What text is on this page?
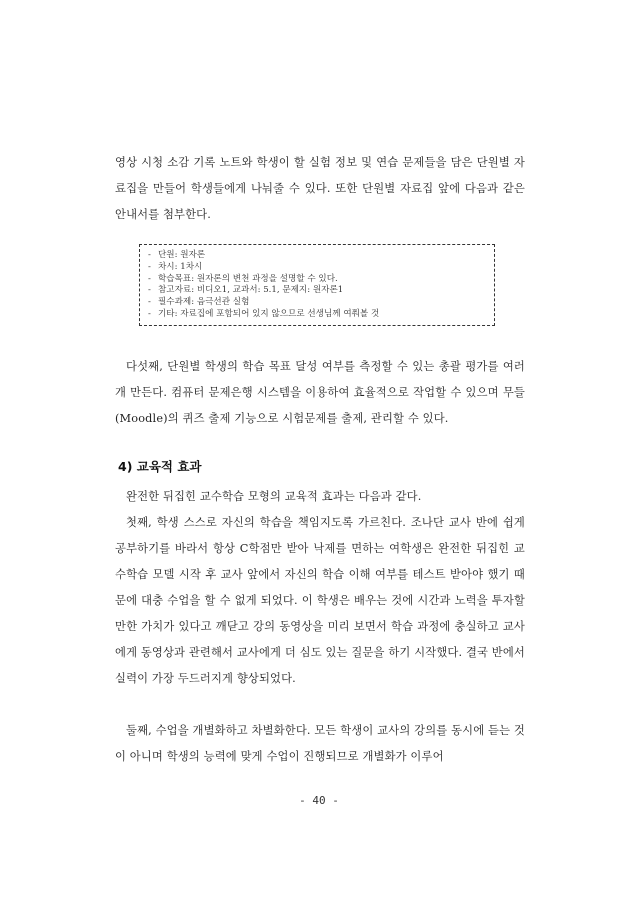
영상 시청 소감 기록 노트와 학생이 할 실험 정보 및 연습 문제들을 담은 단원별 자료집을 만들어 학생들에게 나눠줄 수 있다. 또한 단원별 자료집 앞에 다음과 같은 안내서를 첨부한다.

- 단원: 원자론
- 차시: 1차시
- 학습목표: 원자론의 변천 과정을 설명할 수 있다.
- 참고자료: 비디오1, 교과서: 5.1, 문제지: 원자론1
- 필수과제: 음극선관 실험
- 기타: 자료집에 포함되어 있지 않으므로 선생님께 여쭤볼 것

다섯째, 단원별 학생의 학습 목표 달성 여부를 측정할 수 있는 총괄 평가를 여러 개 만든다. 컴퓨터 문제은행 시스템을 이용하여 효율적으로 작업할 수 있으며 무들(Moodle)의 퀴즈 출제 기능으로 시험문제를 출제, 관리할 수 있다.

4) 교육적 효과

완전한 뒤집힌 교수학습 모형의 교육적 효과는 다음과 같다.

첫째, 학생 스스로 자신의 학습을 책임지도록 가르친다. 조나단 교사 반에 쉽게 공부하기를 바라서 항상 C학점만 받아 낙제를 면하는 여학생은 완전한 뒤집힌 교수학습 모델 시작 후 교사 앞에서 자신의 학습 이해 여부를 테스트 받아야 했기 때문에 대충 수업을 할 수 없게 되었다. 이 학생은 배우는 것에 시간과 노력을 투자할 만한 가치가 있다고 깨닫고 강의 동영상을 미리 보면서 학습 과정에 충실하고 교사에게 동영상과 관련해서 교사에게 더 심도 있는 질문을 하기 시작했다. 결국 반에서 실력이 가장 두드러지게 향상되었다.

둘째, 수업을 개별화하고 차별화한다. 모든 학생이 교사의 강의를 동시에 듣는 것이 아니며 학생의 능력에 맞게 수업이 진행되므로 개별화가 이루어

- 40 -
